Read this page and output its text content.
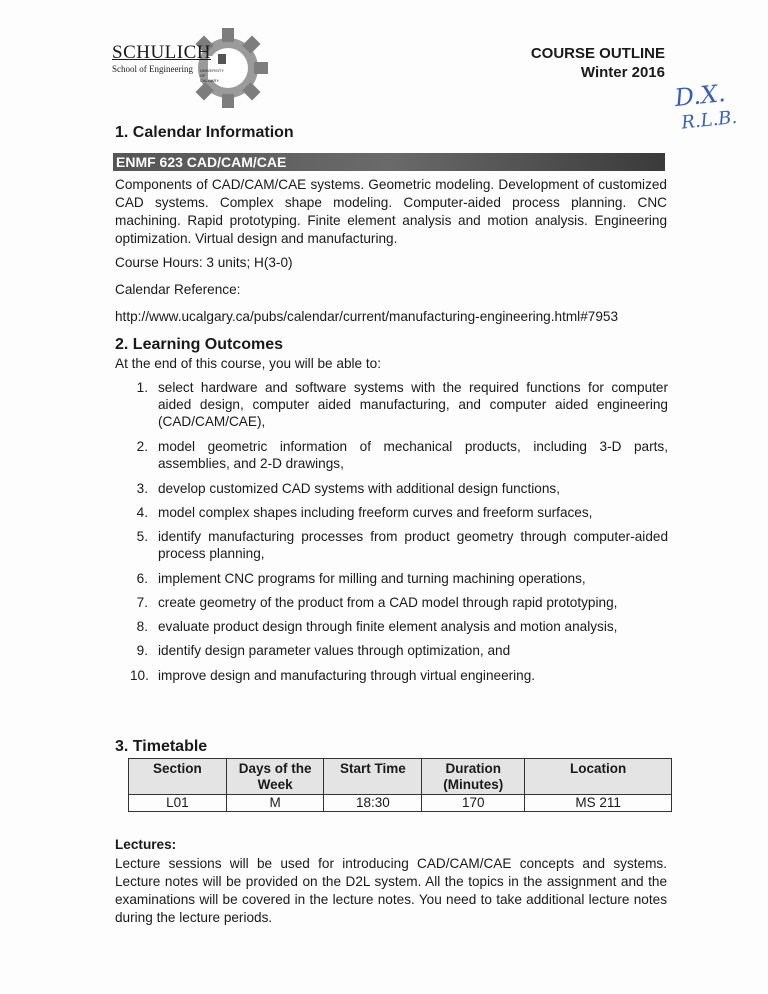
SCHULICH
School of Engineering UNIVERSITY OF CALGARY
COURSE OUTLINE
Winter 2016
D.X.
R.L.B.
1. Calendar Information
ENMF 623 CAD/CAM/CAE
Components of CAD/CAM/CAE systems. Geometric modeling. Development of customized CAD systems. Complex shape modeling. Computer-aided process planning. CNC machining. Rapid prototyping. Finite element analysis and motion analysis. Engineering optimization. Virtual design and manufacturing.
Course Hours: 3 units; H(3-0)
Calendar Reference:
http://www.ucalgary.ca/pubs/calendar/current/manufacturing-engineering.html#7953
2. Learning Outcomes
At the end of this course, you will be able to:
1. select hardware and software systems with the required functions for computer aided design, computer aided manufacturing, and computer aided engineering (CAD/CAM/CAE),
2. model geometric information of mechanical products, including 3-D parts, assemblies, and 2-D drawings,
3. develop customized CAD systems with additional design functions,
4. model complex shapes including freeform curves and freeform surfaces,
5. identify manufacturing processes from product geometry through computer-aided process planning,
6. implement CNC programs for milling and turning machining operations,
7. create geometry of the product from a CAD model through rapid prototyping,
8. evaluate product design through finite element analysis and motion analysis,
9. identify design parameter values through optimization, and
10. improve design and manufacturing through virtual engineering.
3. Timetable
Section	Days of the Week	Start Time	Duration (Minutes)	Location
L01	M	18:30	170	MS 211
Lectures:
Lecture sessions will be used for introducing CAD/CAM/CAE concepts and systems. Lecture notes will be provided on the D2L system. All the topics in the assignment and the examinations will be covered in the lecture notes. You need to take additional lecture notes during the lecture periods.
